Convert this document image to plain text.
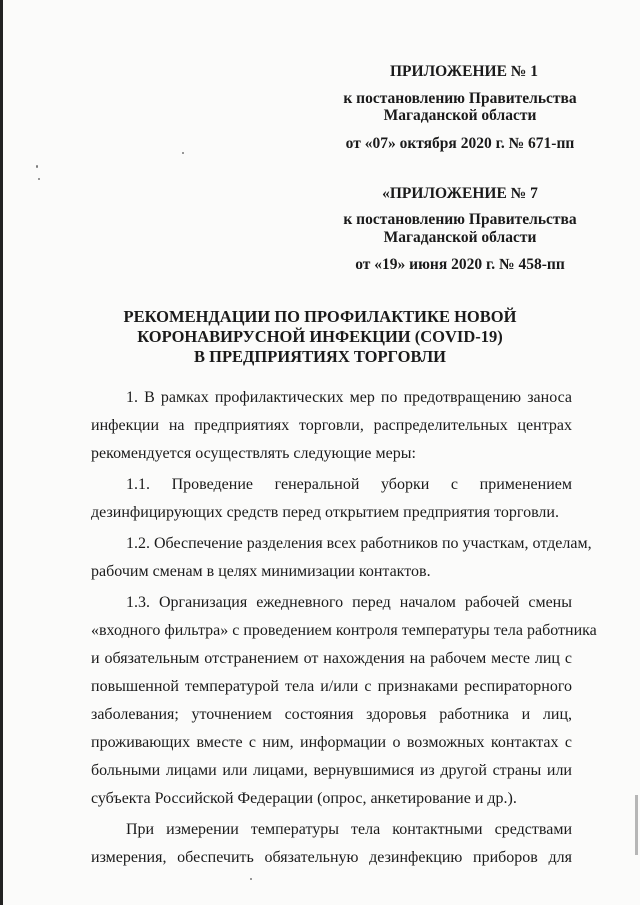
ПРИЛОЖЕНИЕ № 1
к постановлению Правительства
Магаданской области
от «07» октября 2020 г. № 671-пп
«ПРИЛОЖЕНИЕ № 7
к постановлению Правительства
Магаданской области
от «19» июня 2020 г. № 458-пп
РЕКОМЕНДАЦИИ ПО ПРОФИЛАКТИКЕ НОВОЙ
КОРОНАВИРУСНОЙ ИНФЕКЦИИ (COVID-19)
В ПРЕДПРИЯТИЯХ ТОРГОВЛИ
1. В рамках профилактических мер по предотвращению заноса
инфекции на предприятиях торговли, распределительных центрах
рекомендуется осуществлять следующие меры:
1.1. Проведение генеральной уборки с применением
дезинфицирующих средств перед открытием предприятия торговли.
1.2. Обеспечение разделения всех работников по участкам, отделам,
рабочим сменам в целях минимизации контактов.
1.3. Организация ежедневного перед началом рабочей смены
«входного фильтра» с проведением контроля температуры тела работника
и обязательным отстранением от нахождения на рабочем месте лиц с
повышенной температурой тела и/или с признаками респираторного
заболевания; уточнением состояния здоровья работника и лиц,
проживающих вместе с ним, информации о возможных контактах с
больными лицами или лицами, вернувшимися из другой страны или
субъекта Российской Федерации (опрос, анкетирование и др.).
При измерении температуры тела контактными средствами
измерения, обеспечить обязательную дезинфекцию приборов для
